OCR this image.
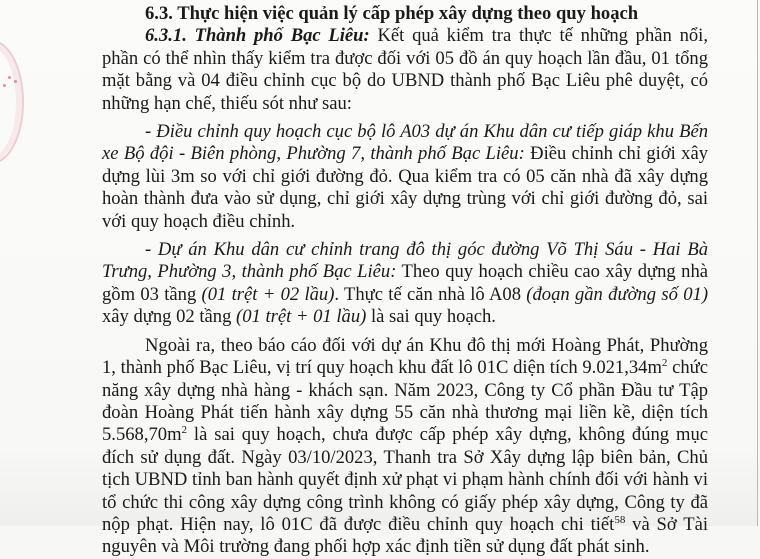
6.3. Thực hiện việc quản lý cấp phép xây dựng theo quy hoạch

6.3.1. Thành phố Bạc Liêu: Kết quả kiểm tra thực tế những phần nổi, phần có thể nhìn thấy kiểm tra được đối với 05 đồ án quy hoạch lần đầu, 01 tổng mặt bằng và 04 điều chỉnh cục bộ do UBND thành phố Bạc Liêu phê duyệt, có những hạn chế, thiếu sót như sau:

- Điều chỉnh quy hoạch cục bộ lô A03 dự án Khu dân cư tiếp giáp khu Bến xe Bộ đội - Biên phòng, Phường 7, thành phố Bạc Liêu: Điều chỉnh chỉ giới xây dựng lùi 3m so với chỉ giới đường đỏ. Qua kiểm tra có 05 căn nhà đã xây dựng hoàn thành đưa vào sử dụng, chỉ giới xây dựng trùng với chỉ giới đường đỏ, sai với quy hoạch điều chỉnh.

- Dự án Khu dân cư chỉnh trang đô thị góc đường Võ Thị Sáu - Hai Bà Trưng, Phường 3, thành phố Bạc Liêu: Theo quy hoạch chiều cao xây dựng nhà gồm 03 tầng (01 trệt + 02 lầu). Thực tế căn nhà lô A08 (đoạn gần đường số 01) xây dựng 02 tầng (01 trệt + 01 lầu) là sai quy hoạch.

Ngoài ra, theo báo cáo đối với dự án Khu đô thị mới Hoàng Phát, Phường 1, thành phố Bạc Liêu, vị trí quy hoạch khu đất lô 01C diện tích $9.021,34m^2$ chức năng xây dựng nhà hàng - khách sạn. Năm 2023, Công ty Cổ phần Đầu tư Tập đoàn Hoàng Phát tiến hành xây dựng 55 căn nhà thương mại liền kề, diện tích $5.568,70m^2$ là sai quy hoạch, chưa được cấp phép xây dựng, không đúng mục đích sử dụng đất. Ngày 03/10/2023, Thanh tra Sở Xây dựng lập biên bản, Chủ tịch UBND tỉnh ban hành quyết định xử phạt vi phạm hành chính đối với hành vi tổ chức thi công xây dựng công trình không có giấy phép xây dựng, Công ty đã nộp phạt. Hiện nay, lô 01C đã được điều chỉnh quy hoạch chi tiết$^{58}$ và Sở Tài nguyên và Môi trường đang phối hợp xác định tiền sử dụng đất phát sinh.
